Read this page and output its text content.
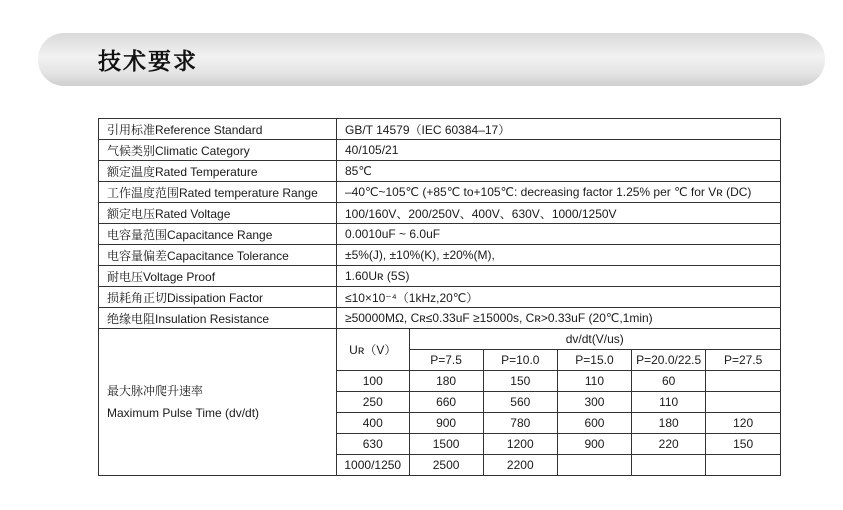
技术要求
引用标准Reference Standard	GB/T 14579（IEC 60384–17）
气候类别Climatic Category	40/105/21
额定温度Rated Temperature	85℃
工作温度范围Rated temperature Range	–40℃~105℃ (+85℃ to+105℃: decreasing factor 1.25% per ℃ for Vʀ (DC)
额定电压Rated Voltage	100/160V、200/250V、400V、630V、1000/1250V
电容量范围Capacitance Range	0.0010uF ~ 6.0uF
电容量偏差Capacitance Tolerance	±5%(J), ±10%(K), ±20%(M),
耐电压Voltage Proof	1.60Uʀ (5S)
损耗角正切Dissipation Factor	≤10×10⁻⁴（1kHz,20℃）
绝缘电阻Insulation Resistance	≥50000MΩ, Cʀ≤0.33uF ≥15000s, Cʀ>0.33uF (20℃,1min)

最大脉冲爬升速率
Maximum Pulse Time (dv/dt)

Uʀ（V）	dv/dt(V/us)
P=7.5	P=10.0	P=15.0	P=20.0/22.5	P=27.5
100	180	150	110	60	
250	660	560	300	110	
400	900	780	600	180	120
630	1500	1200	900	220	150
1000/1250	2500	2200			
